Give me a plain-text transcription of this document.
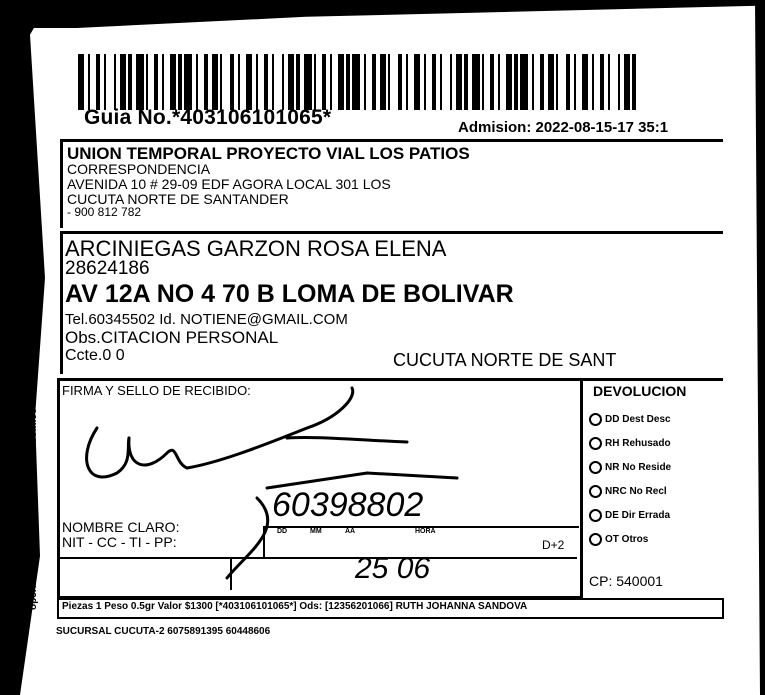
Guia No.*403106101065*	Admision: 2022-08-15-17 35:1
UNION TEMPORAL PROYECTO VIAL LOS PATIOS
CORRESPONDENCIA
AVENIDA 10 # 29-09 EDF AGORA LOCAL 301 LOS
CUCUTA NORTE DE SANTANDER
- 900 812 782
ARCINIEGAS GARZON ROSA ELENA
28624186
AV 12A NO 4 70 B LOMA DE BOLIVAR
Tel.60345502 Id. NOTIENE@GMAIL.COM
Obs.CITACION PERSONAL
Ccte.0 0	CUCUTA NORTE DE SANT
FIRMA Y SELLO DE RECIBIDO:
NOMBRE CLARO:
NIT - CC - TI - PP:
DD	MM	AA	HORA
D+2
60398802
25 06
DEVOLUCION
DD Dest Desc
RH Rehusado
NR No Reside
NRC No Recl
DE Dir Errada
OT Otros
CP: 540001
Piezas 1 Peso 0.5gr Valor $1300 [*403106101065*] Ods: [12356201066] RUTH JOHANNA SANDOVA
SUCURSAL CUCUTA-2 6075891395 60448606
operacionescucuta@prontoenvios.com.co
